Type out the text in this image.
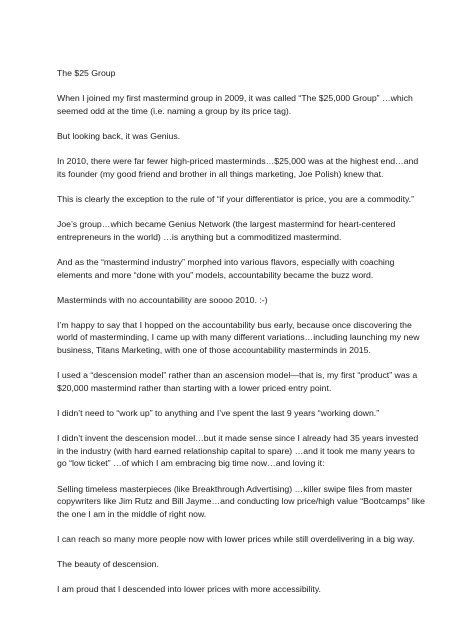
The $25 Group

When I joined my first mastermind group in 2009, it was called “The $25,000 Group” …which
seemed odd at the time (i.e. naming a group by its price tag).

But looking back, it was Genius.

In 2010, there were far fewer high-priced masterminds…$25,000 was at the highest end…and
its founder (my good friend and brother in all things marketing, Joe Polish) knew that.

This is clearly the exception to the rule of “if your differentiator is price, you are a commodity.”

Joe’s group…which became Genius Network (the largest mastermind for heart-centered
entrepreneurs in the world) …is anything but a commoditized mastermind.

And as the “mastermind industry” morphed into various flavors, especially with coaching
elements and more “done with you” models, accountability became the buzz word.

Masterminds with no accountability are soooo 2010. :-)

I’m happy to say that I hopped on the accountability bus early, because once discovering the
world of masterminding, I came up with many different variations…including launching my new
business, Titans Marketing, with one of those accountability masterminds in 2015.

I used a “descension model” rather than an ascension model—that is, my first “product” was a
$20,000 mastermind rather than starting with a lower priced entry point.

I didn’t need to “work up” to anything and I’ve spent the last 9 years “working down.”

I didn’t invent the descension model…but it made sense since I already had 35 years invested
in the industry (with hard earned relationship capital to spare) …and it took me many years to
go “low ticket” …of which I am embracing big time now…and loving it:

Selling timeless masterpieces (like Breakthrough Advertising) …killer swipe files from master
copywriters like Jim Rutz and Bill Jayme…and conducting low price/high value “Bootcamps” like
the one I am in the middle of right now.

I can reach so many more people now with lower prices while still overdelivering in a big way.

The beauty of descension.

I am proud that I descended into lower prices with more accessibility.
